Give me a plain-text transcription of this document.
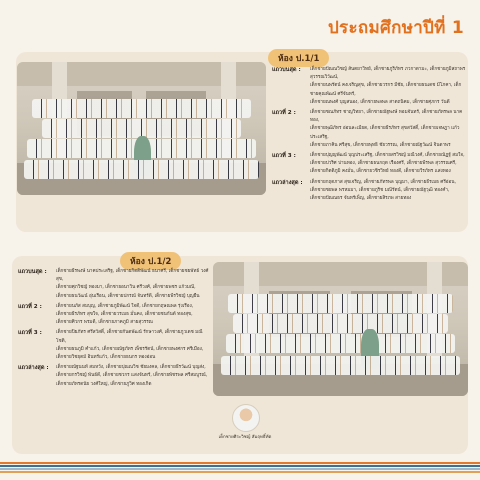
ประถมศึกษาปีที่ 1
ห้อง ป.1/1
แถวบนสุด :	เด็กชายปัณณวิชญ์ สันตยาวิทย์, เด็กชายภูริภัทร ภวกาตามะ, เด็กชายภูมิสถาพร สุวรรณวิวัฒน์,
เด็กชายนพรัตน์ คงเจริญสุข, เด็กชายวรกร มีชัย, เด็กชายธนเดช มีโภคา, เด็กชายคุณพัฒน์ ศรีจันทร์,
เด็กชายณพงศ์ บุญสนอง, เด็กชายพลพล สาตถนิคม, เด็กชายศุภกร วันดี
แถวที่ 2 :	เด็กชายชณภัทร ชาญวิทยา, เด็กชายณัฐพงษ์ หอมจันทร์, เด็กชายภัทรพล นาคทอง,
เด็กชายพุฒิภัทร อ่อนละเมียด, เด็กชายธีรภัทร สุขสวัสดิ์, เด็กชายเจษฎา แก้วประเสริฐ,
เด็กชายภาคิน ศรีสุข, เด็กชายพุทธิ ชัยวรรณ, เด็กชายณัฐวัฒน์ จินดาพร
แถวที่ 3 :	เด็กชายปุญญพัฒน์ บุญประเสริฐ, เด็กชายสรวิชญ์ มณีวงศ์, เด็กชายณัฏฐ์ สมใจ,
เด็กชายปวริศ ปานทอง, เด็กชายธนกฤต เรืองศรี, เด็กชายพีรพล สุวรรณศรี,
เด็กชายกิตติภูมิ คงมั่น, เด็กชายวชิรวิทย์ ทองดี, เด็กชายวีรภัทร แสงทอง
แถวล่างสุด :	เด็กชายกฤตภาส สุขเจริญ, เด็กชายภัทรพล บุญมา, เด็กชายธีรเมธ ศรีอ่อน,
เด็กชายชยพล พรหมมา, เด็กชายภูริช มณีรัตน์, เด็กชายณัฐวุฒิ ทองคำ,
เด็กชายปัณณธร จันทร์เพ็ญ, เด็กชายสิรภพ สายทอง
ห้อง ป.1/2
แถวบนสุด :	เด็กชายธีรพงษ์ นาคประเสริฐ, เด็กชายกิตติพัฒน์ ธนาศรี, เด็กชายชยพัทธ์ วงศ์สุข,
เด็กชายศุภวิชญ์ ทองมา, เด็กชายอนาวิน ศรีวงศ์, เด็กชายพชร แก้วมณี,
เด็กชายธนวัฒน์ อุ่นเรือน, เด็กชายปกรณ์ จันทร์ดี, เด็กชายพีรวิชญ์ บุญยืน
แถวที่ 2 :	เด็กชายนภัส สมบุญ, เด็กชายภูมิพัฒน์ ใจดี, เด็กชายกฤษณพล รุ่งเรือง,
เด็กชายธีรภัทร สุขใจ, เด็กชายวรเมธ มั่นคง, เด็กชายชนกันต์ ทองสุข,
เด็กชายศิวกร พรมดี, เด็กชายภาคภูมิ สายสุวรรณ
แถวที่ 3 :	เด็กชายปิยภัทร ศรีสวัสดิ์, เด็กชายกันตพัฒน์ รักษาวงศ์, เด็กชายภูวเดช มณีโชติ,
เด็กชายธนภูมิ คำแก้ว, เด็กชายณัฐภัทร เพ็ชรรัตน์, เด็กชายพงศกร ศรีเมือง,
เด็กชายวิชยุตม์ อินทร์แก้ว, เด็กชายธนกร ทองอ่อน
แถวล่างสุด :	เด็กชายณัฐนนท์ สมหวัง, เด็กชายปุณณวิช ชัยมงคล, เด็กชายธีรวัฒน์ บุญส่ง,
เด็กชายกรวิชญ์ พันธ์ดี, เด็กชายชวกร แสงจันทร์, เด็กชายพัชรพล ศรีสมบูรณ์,
เด็กชายภัทรดนัย วงศ์ใหญ่, เด็กชายภูวิศ ทองเกิด
เด็กชายศิระวิชญ์ สัมฤทธิ์ทัต
